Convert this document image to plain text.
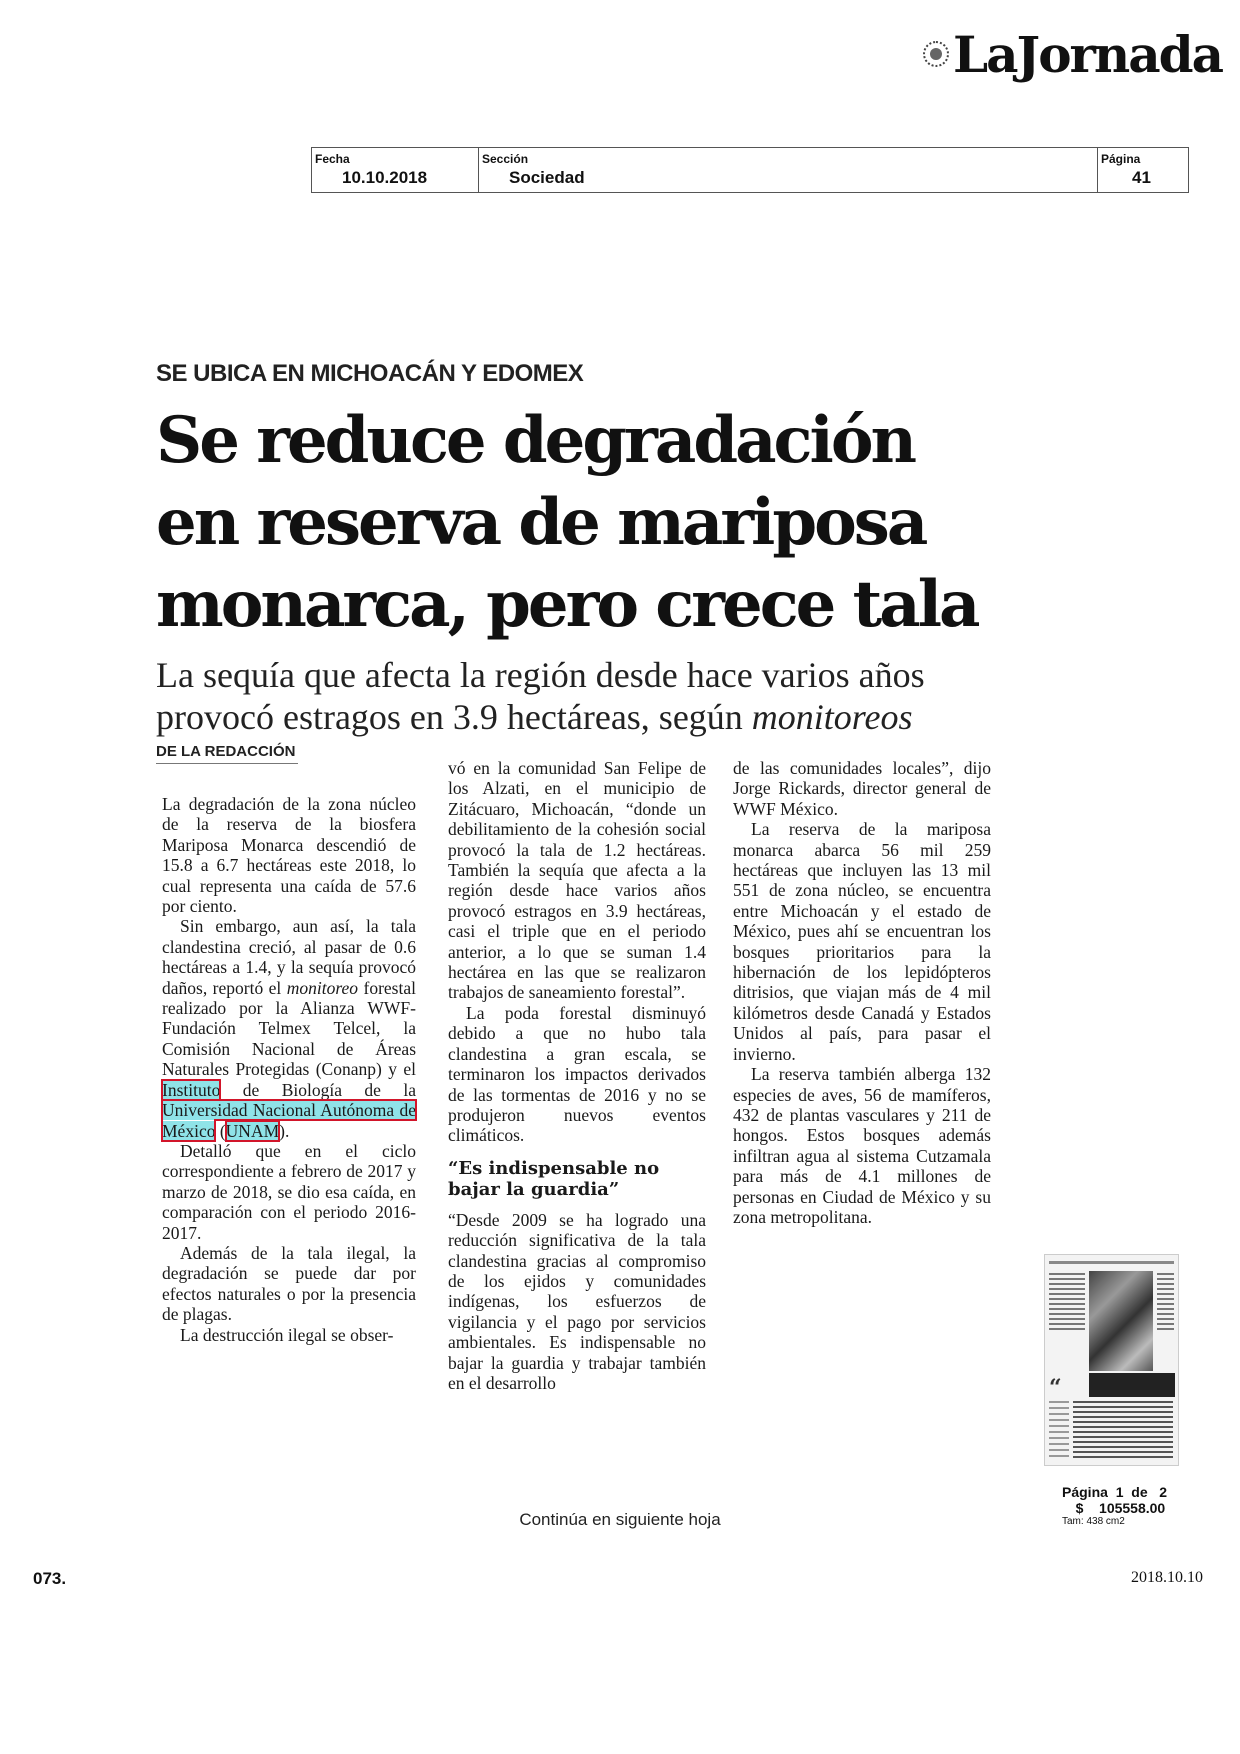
LaJornada
Fecha
10.10.2018
Sección
Sociedad
Página
41
SE UBICA EN MICHOACÁN Y EDOMEX
Se reduce degradación
en reserva de mariposa
monarca, pero crece tala
La sequía que afecta la región desde hace varios años
provocó estragos en 3.9 hectáreas, según monitoreos
DE LA REDACCIÓN

La degradación de la zona núcleo de la reserva de la biosfera Mariposa Monarca descendió de 15.8 a 6.7 hectáreas este 2018, lo cual representa una caída de 57.6 por ciento.

Sin embargo, aun así, la tala clandestina creció, al pasar de 0.6 hectáreas a 1.4, y la sequía provocó daños, reportó el monitoreo forestal realizado por la Alianza WWF-Fundación Telmex Telcel, la Comisión Nacional de Áreas Naturales Protegidas (Conanp) y el Instituto de Biología de la Universidad Nacional Autónoma de México (UNAM).

Detalló que en el ciclo correspondiente a febrero de 2017 y marzo de 2018, se dio esa caída, en comparación con el periodo 2016-2017.

Además de la tala ilegal, la degradación se puede dar por efectos naturales o por la presencia de plagas.

La destrucción ilegal se obser-

vó en la comunidad San Felipe de los Alzati, en el municipio de Zitácuaro, Michoacán, “donde un debilitamiento de la cohesión social provocó la tala de 1.2 hectáreas. También la sequía que afecta a la región desde hace varios años provocó estragos en 3.9 hectáreas, casi el triple que en el periodo anterior, a lo que se suman 1.4 hectárea en las que se realizaron trabajos de saneamiento forestal”.

La poda forestal disminuyó debido a que no hubo tala clandestina a gran escala, se terminaron los impactos derivados de las tormentas de 2016 y no se produjeron nuevos eventos climáticos.

“Es indispensable no bajar la guardia”

“Desde 2009 se ha logrado una reducción significativa de la tala clandestina gracias al compromiso de los ejidos y comunidades indígenas, los esfuerzos de vigilancia y el pago por servicios ambientales. Es indispensable no bajar la guardia y trabajar también en el desarrollo

de las comunidades locales”, dijo Jorge Rickards, director general de WWF México.

La reserva de la mariposa monarca abarca 56 mil 259 hectáreas que incluyen las 13 mil 551 de zona núcleo, se encuentra entre Michoacán y el estado de México, pues ahí se encuentran los bosques prioritarios para la hibernación de los lepidópteros ditrisios, que viajan más de 4 mil kilómetros desde Canadá y Estados Unidos al país, para pasar el invierno.

La reserva también alberga 132 especies de aves, 56 de mamíferos, 432 de plantas vasculares y 211 de hongos. Estos bosques además infiltran agua al sistema Cutzamala para más de 4.1 millones de personas en Ciudad de México y su zona metropolitana.

“
Página 1 de 2
$ 105558.00
Tam: 438 cm2
Continúa en siguiente hoja
073.	2018.10.10
